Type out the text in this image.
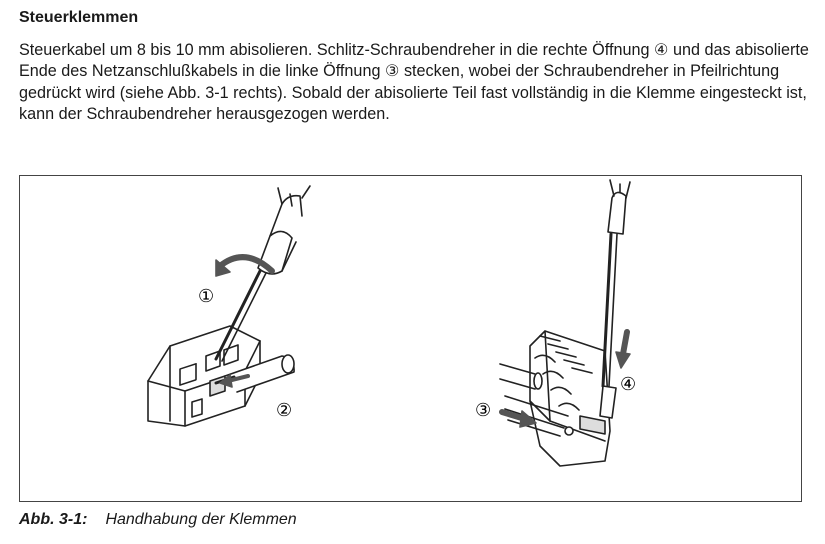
Steuerklemmen

Steuerkabel um 8 bis 10 mm abisolieren. Schlitz-Schraubendreher in die rechte Öffnung ④ und das abisolierte Ende des Netzanschlußkabels in die linke Öffnung ③ stecken, wobei der Schraubendreher in Pfeilrichtung gedrückt wird (siehe Abb. 3-1 rechts). Sobald der abisolierte Teil fast vollständig in die Klemme eingesteckt ist, kann der Schraubendreher herausgezogen werden.

①
②	③
④
Abb. 3-1: Handhabung der Klemmen
